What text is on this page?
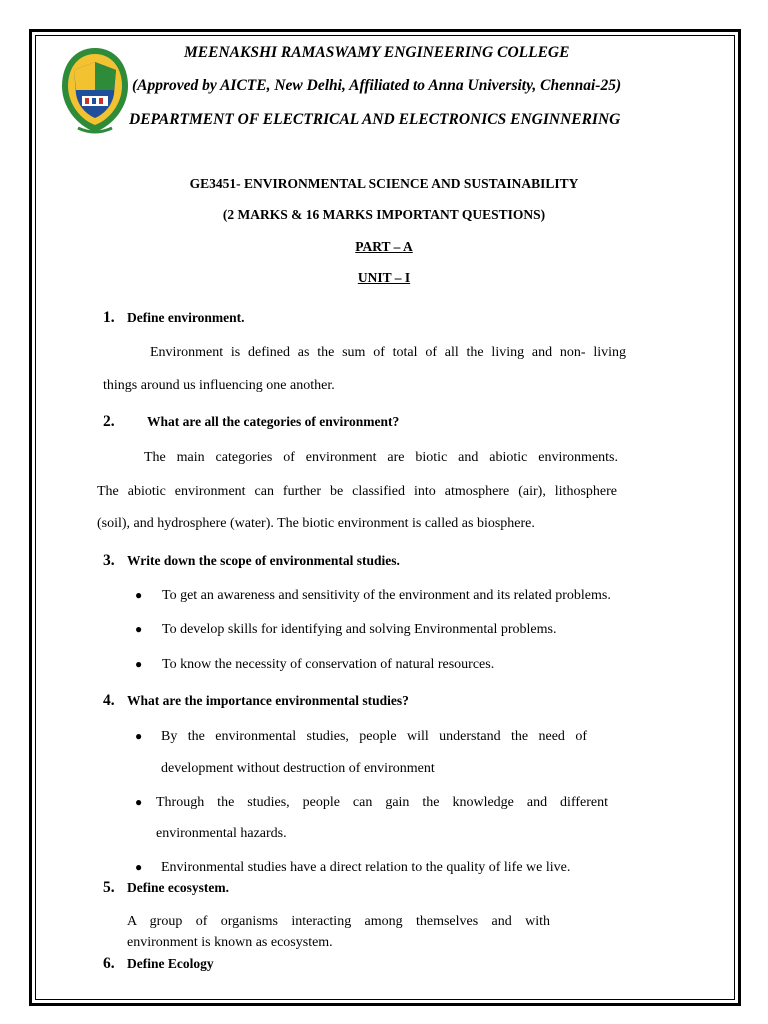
MEENAKSHI RAMASWAMY ENGINEERING COLLEGE
(Approved by AICTE, New Delhi, Affiliated to Anna University, Chennai-25)
DEPARTMENT OF ELECTRICAL AND ELECTRONICS ENGINNERING
GE3451- ENVIRONMENTAL SCIENCE AND SUSTAINABILITY
(2 MARKS & 16 MARKS IMPORTANT QUESTIONS)
PART – A
UNIT – I
1. Define environment.
Environment is defined as the sum of total of all the living and non- living
things around us influencing one another.
2. What are all the categories of environment?
The main categories of environment are biotic and abiotic environments.
The abiotic environment can further be classified into atmosphere (air), lithosphere
(soil), and hydrosphere (water). The biotic environment is called as biosphere.
3. Write down the scope of environmental studies.
● To get an awareness and sensitivity of the environment and its related problems.
● To develop skills for identifying and solving Environmental problems.
● To know the necessity of conservation of natural resources.
4. What are the importance environmental studies?
● By the environmental studies, people will understand the need of
development without destruction of environment
● Through the studies, people can gain the knowledge and different
environmental hazards.
● Environmental studies have a direct relation to the quality of life we live.
5. Define ecosystem.
A group of organisms interacting among themselves and with
environment is known as ecosystem.
6. Define Ecology
